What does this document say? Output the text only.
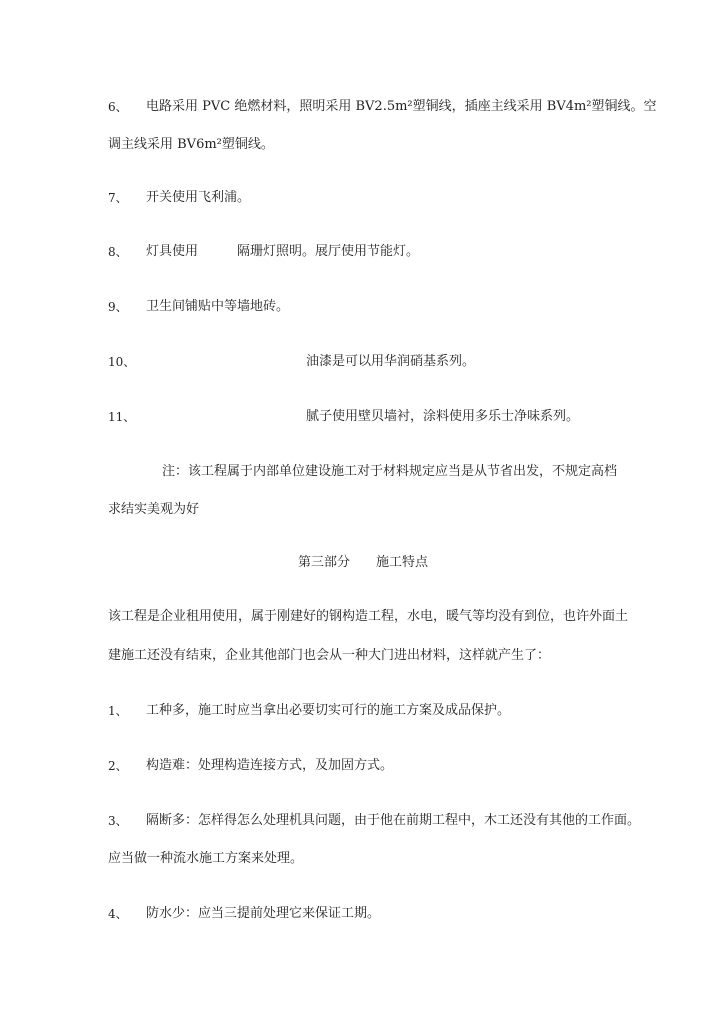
6、 电路采用 PVC 绝燃材料，照明采用 BV2.5m²塑铜线，插座主线采用 BV4m²塑铜线。空
调主线采用 BV6m²塑铜线。
7、 开关使用飞利浦。
8、 灯具使用　　　隔珊灯照明。展厅使用节能灯。
9、 卫生间铺贴中等墙地砖。
10、	油漆是可以用华润硝基系列。
11、	腻子使用壁贝墙衬，涂料使用多乐士净味系列。
注：该工程属于内部单位建设施工对于材料规定应当是从节省出发，不规定高档
求结实美观为好
第三部分　　施工特点
该工程是企业租用使用，属于刚建好的钢构造工程，水电，暖气等均没有到位，也许外面土
建施工还没有结束，企业其他部门也会从一种大门进出材料，这样就产生了：
1、 工种多，施工时应当拿出必要切实可行的施工方案及成品保护。
2、 构造难：处理构造连接方式，及加固方式。
3、 隔断多：怎样得怎么处理机具问题，由于他在前期工程中，木工还没有其他的工作面。
应当做一种流水施工方案来处理。
4、 防水少：应当三提前处理它来保证工期。
